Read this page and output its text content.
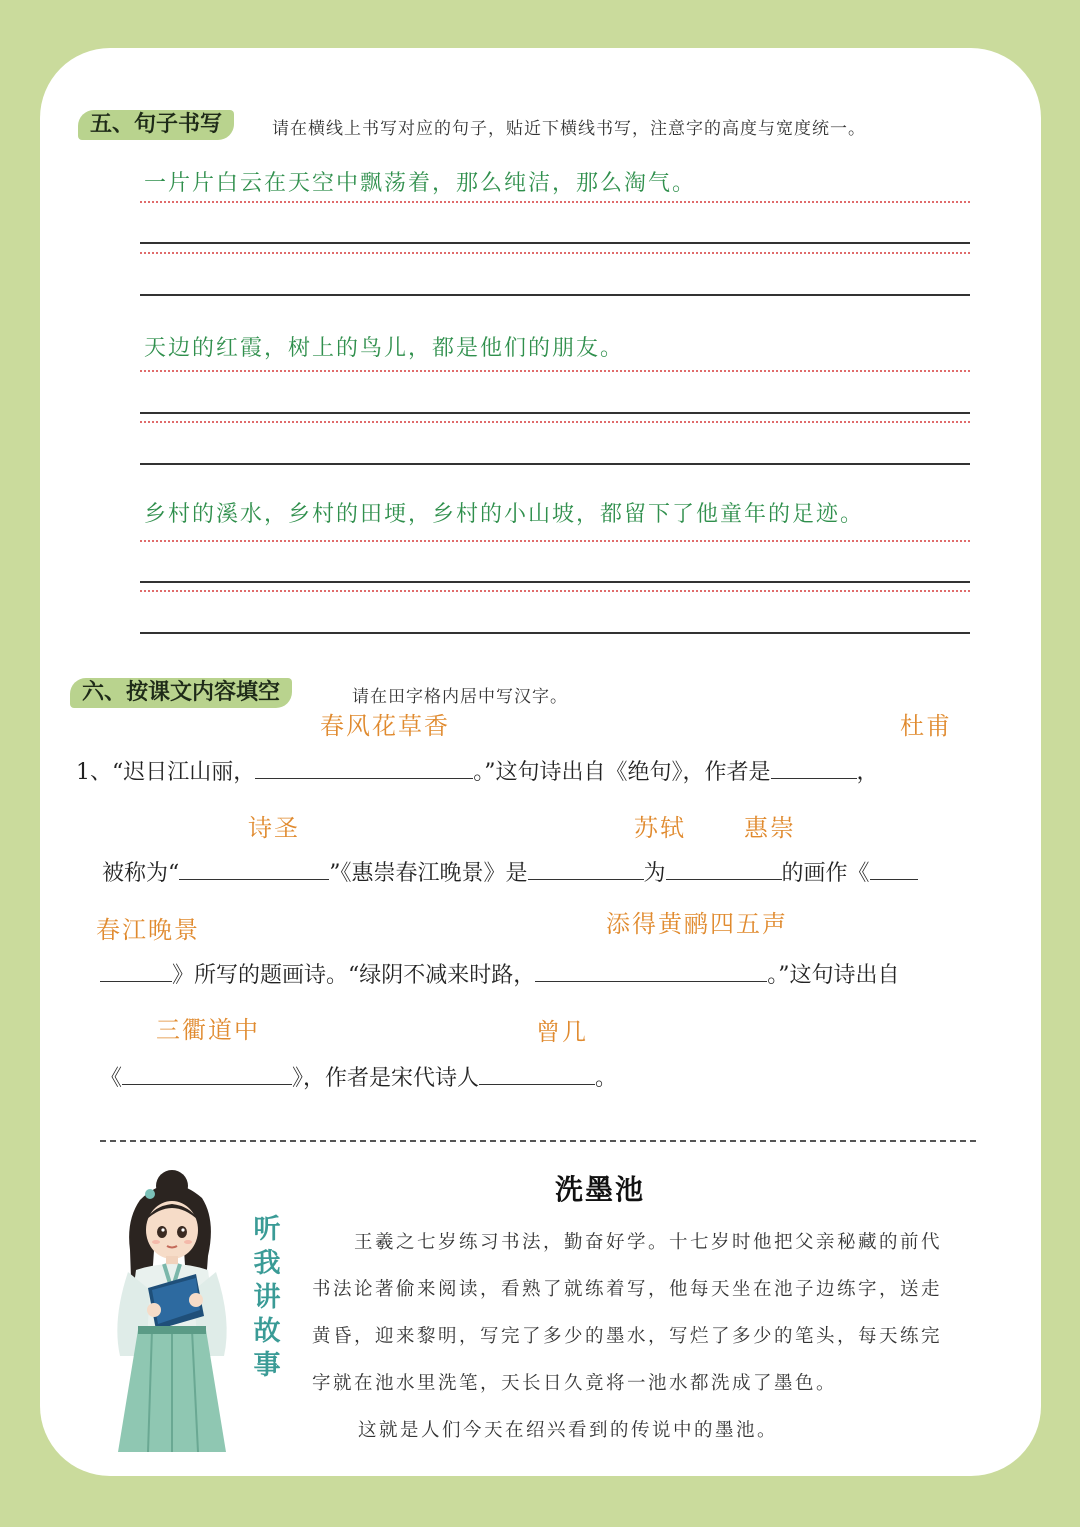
五、句子书写	请在横线上书写对应的句子，贴近下横线书写，注意字的高度与宽度统一。
一片片白云在天空中飘荡着，那么纯洁，那么淘气。
天边的红霞，树上的鸟儿，都是他们的朋友。
乡村的溪水，乡村的田埂，乡村的小山坡，都留下了他童年的足迹。
六、按课文内容填空	请在田字格内居中写汉字。
春风花草香	杜甫
1、“迟日江山丽，	。”这句诗出自《绝句》，作者是	，
诗圣	苏轼 惠崇
被称为“	”《惠崇春江晚景》是	为	的画作《
春江晚景	添得黄鹂四五声
》所写的题画诗。“绿阴不减来时路，	。”这句诗出自
三衢道中	曾几
《	》，作者是宋代诗人	。
听
我
讲
故
事
洗墨池
王羲之七岁练习书法，勤奋好学。十七岁时他把父亲秘藏的前代
书法论著偷来阅读，看熟了就练着写，他每天坐在池子边练字，送走
黄昏，迎来黎明，写完了多少的墨水，写烂了多少的笔头，每天练完
字就在池水里洗笔，天长日久竟将一池水都洗成了墨色。
这就是人们今天在绍兴看到的传说中的墨池。
